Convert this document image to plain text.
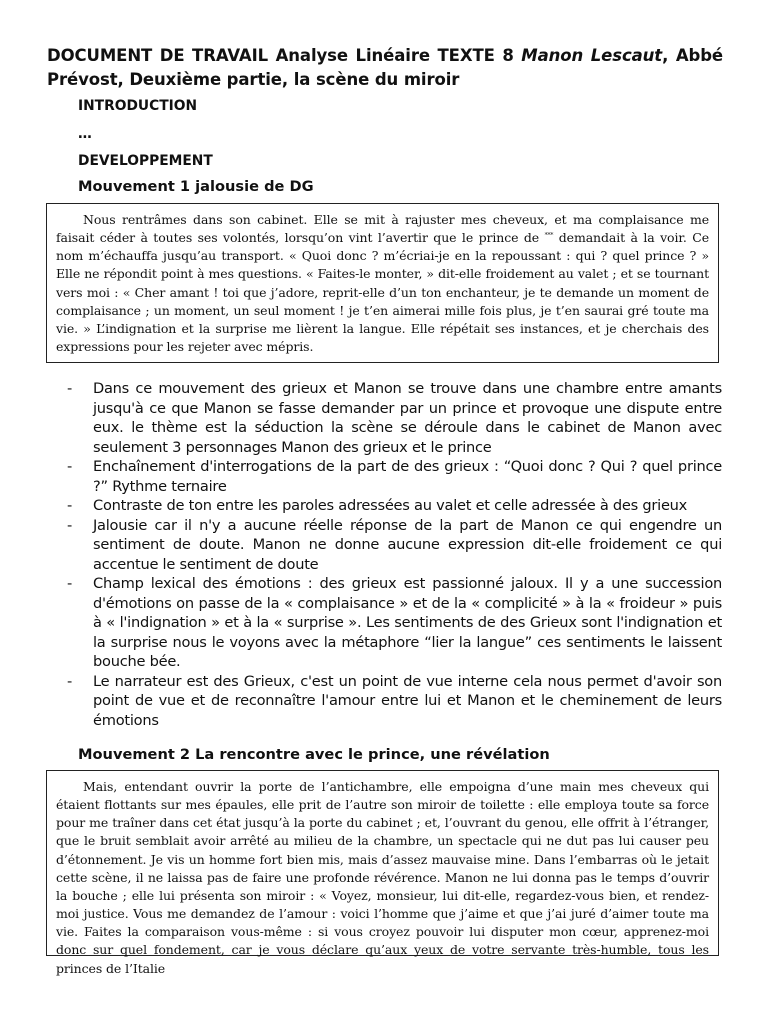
DOCUMENT DE TRAVAIL Analyse Linéaire TEXTE 8 Manon Lescaut, Abbé Prévost, Deuxième partie, la scène du miroir
INTRODUCTION
…
DEVELOPPEMENT
Mouvement 1 jalousie de DG
Nous rentrâmes dans son cabinet. Elle se mit à rajuster mes cheveux, et ma complaisance me faisait céder à toutes ses volontés, lorsqu’on vint l’avertir que le prince de *** demandait à la voir. Ce nom m’échauffa jusqu’au transport. « Quoi donc ? m’écriai-je en la repoussant : qui ? quel prince ? » Elle ne répondit point à mes questions. « Faites-le monter, » dit-elle froidement au valet ; et se tournant vers moi : « Cher amant ! toi que j’adore, reprit-elle d’un ton enchanteur, je te demande un moment de complaisance ; un moment, un seul moment ! je t’en aimerai mille fois plus, je t’en saurai gré toute ma vie. » L’indignation et la surprise me lièrent la langue. Elle répétait ses instances, et je cherchais des expressions pour les rejeter avec mépris.
- Dans ce mouvement des grieux et Manon se trouve dans une chambre entre amants jusqu'à ce que Manon se fasse demander par un prince et provoque une dispute entre eux. le thème est la séduction la scène se déroule dans le cabinet de Manon avec seulement 3 personnages Manon des grieux et le prince
- Enchaînement d'interrogations de la part de des grieux : “Quoi donc ? Qui ? quel prince ?” Rythme ternaire
- Contraste de ton entre les paroles adressées au valet et celle adressée à des grieux
- Jalousie car il n'y a aucune réelle réponse de la part de Manon ce qui engendre un sentiment de doute. Manon ne donne aucune expression dit-elle froidement ce qui accentue le sentiment de doute
- Champ lexical des émotions : des grieux est passionné jaloux. Il y a une succession d'émotions on passe de la « complaisance » et de la « complicité » à la « froideur » puis à « l'indignation » et à la « surprise ». Les sentiments de des Grieux sont l'indignation et la surprise nous le voyons avec la métaphore “lier la langue” ces sentiments le laissent bouche bée.
- Le narrateur est des Grieux, c'est un point de vue interne cela nous permet d'avoir son point de vue et de reconnaître l'amour entre lui et Manon et le cheminement de leurs émotions
Mouvement 2 La rencontre avec le prince, une révélation
Mais, entendant ouvrir la porte de l’antichambre, elle empoigna d’une main mes cheveux qui étaient flottants sur mes épaules, elle prit de l’autre son miroir de toilette : elle employa toute sa force pour me traîner dans cet état jusqu’à la porte du cabinet ; et, l’ouvrant du genou, elle offrit à l’étranger, que le bruit semblait avoir arrêté au milieu de la chambre, un spectacle qui ne dut pas lui causer peu d’étonnement. Je vis un homme fort bien mis, mais d’assez mauvaise mine. Dans l’embarras où le jetait cette scène, il ne laissa pas de faire une profonde révérence. Manon ne lui donna pas le temps d’ouvrir la bouche ; elle lui présenta son miroir : « Voyez, monsieur, lui dit-elle, regardez-vous bien, et rendez-moi justice. Vous me demandez de l’amour : voici l’homme que j’aime et que j’ai juré d’aimer toute ma vie. Faites la comparaison vous-même : si vous croyez pouvoir lui disputer mon cœur, apprenez-moi donc sur quel fondement, car je vous déclare qu’aux yeux de votre servante très-humble, tous les princes de l’Italie
